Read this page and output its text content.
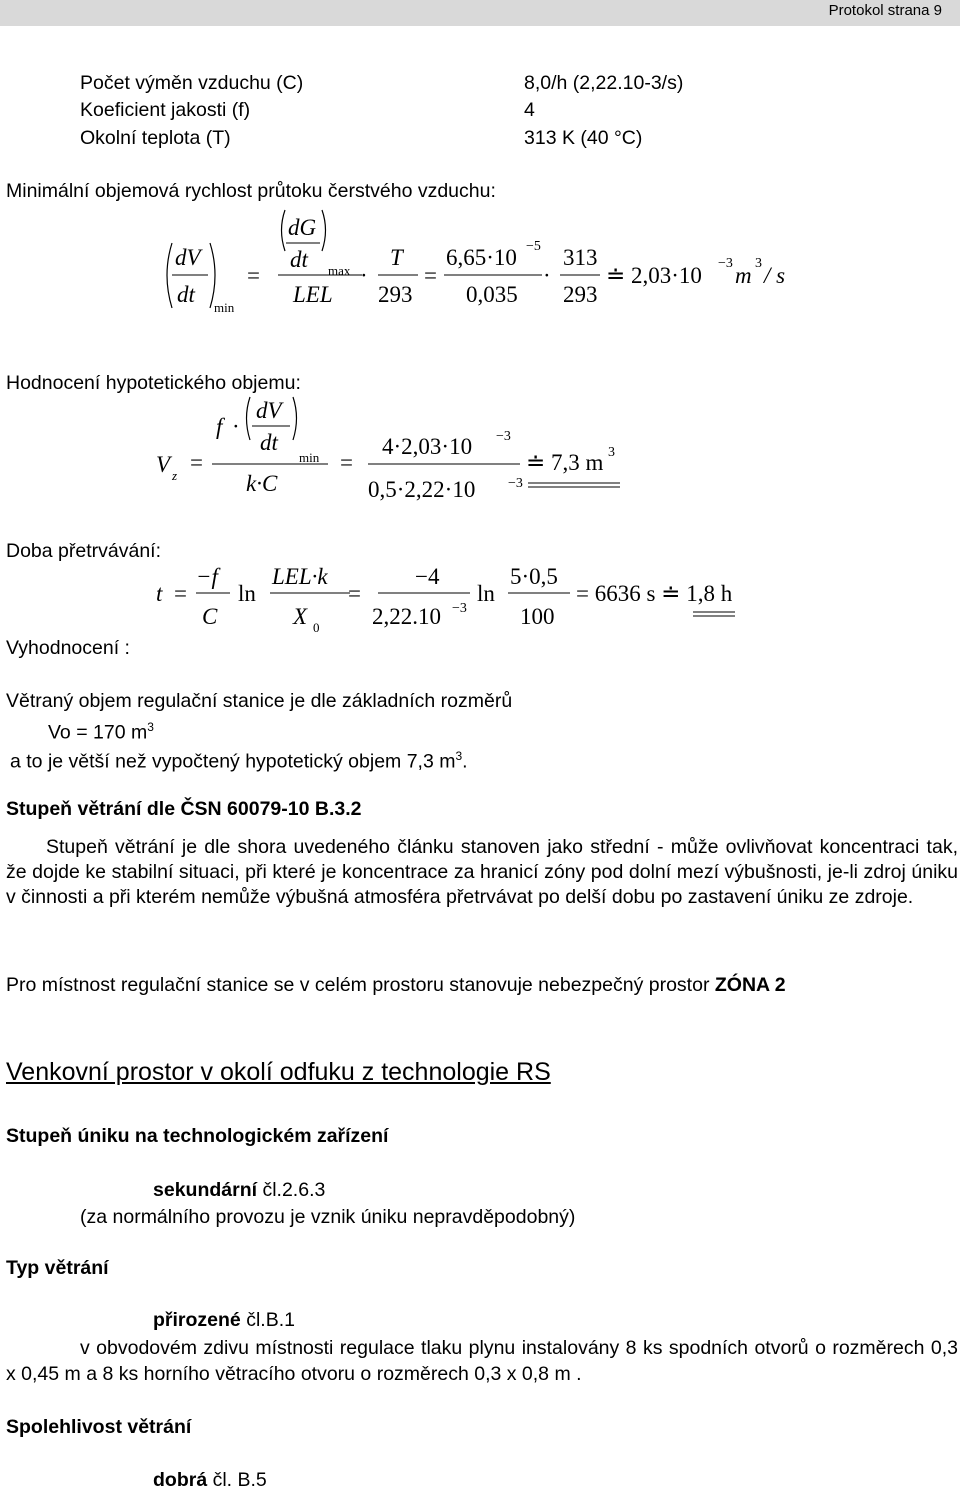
Protokol strana 9
Počet výměn vzduchu (C)	8,0/h (2,22.10-3/s)
Koeficient jakosti (f)	4
Okolní teplota (T)	313 K (40 °C)
Minimální objemová rychlost průtoku čerstvého vzduchu:
dV
dt
min
=
dG
dt max
LEL
·
T
293
=
6,65·10 −5
0,035
·
313
293
≐ 2,03·10 −3 m 3 / s
Hodnocení hypotetického objemu:
V z
=
f ·
dV
dt
min
k·C
=
4·2,03·10 −3
0,5·2,22·10 −3
≐ 7,3 m 3
Doba přetrvávání:
Vyhodnocení :
t =
−f
C
ln
LEL·k
X 0
=
−4
2,22.10 −3
ln
5·0,5
100
= 6636 s ≐ 1,8 h
Větraný objem regulační stanice je dle základních rozměrů
Vo = 170 $m^3$
a to je větší než vypočtený hypotetický objem 7,3 $m^3$.
Stupeň větrání dle ČSN 60079-10 B.3.2
Stupeň větrání je dle shora uvedeného článku stanoven jako střední - může ovlivňovat koncentraci tak, že dojde ke stabilní situaci, při které je koncentrace za hranicí zóny pod dolní mezí výbušnosti, je-li zdroj úniku v činnosti a při kterém nemůže výbušná atmosféra přetrvávat po delší dobu po zastavení úniku ze zdroje.
Pro místnost regulační stanice se v celém prostoru stanovuje nebezpečný prostor ZÓNA 2
Venkovní prostor v okolí odfuku z technologie RS
Stupeň úniku na technologickém zařízení
sekundární čl.2.6.3
(za normálního provozu je vznik úniku nepravděpodobný)
Typ větrání
přirozené čl.B.1
v obvodovém zdivu místnosti regulace tlaku plynu instalovány 8 ks spodních otvorů o rozměrech 0,3 x 0,45 m a 8 ks horního větracího otvoru o rozměrech 0,3 x 0,8 m .
Spolehlivost větrání
dobrá čl. B.5
